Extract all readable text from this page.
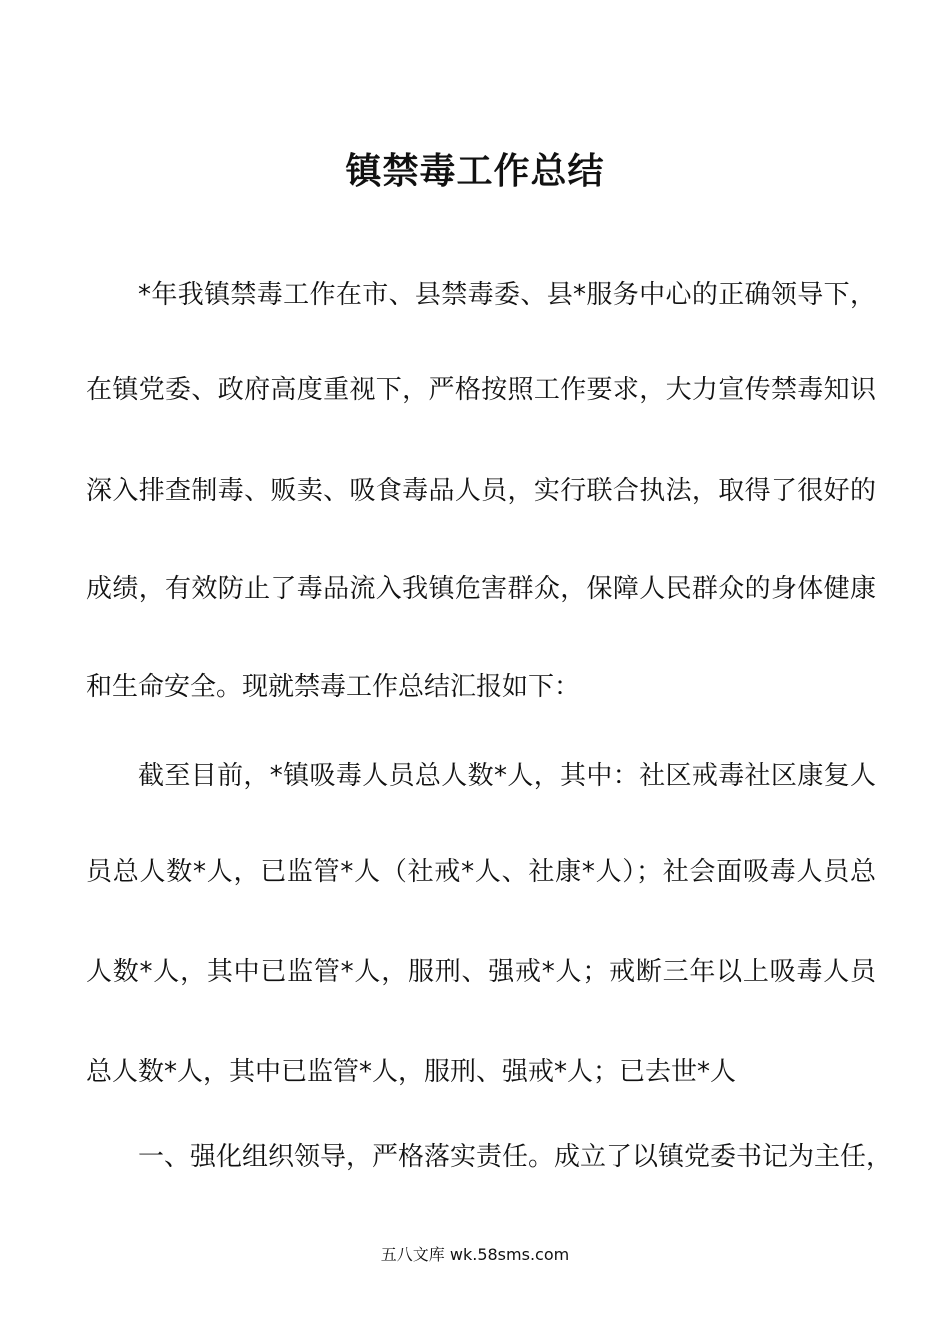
镇禁毒工作总结
*年我镇禁毒工作在市、县禁毒委、县*服务中心的正确领导下，
在镇党委、政府高度重视下，严格按照工作要求，大力宣传禁毒知识
深入排查制毒、贩卖、吸食毒品人员，实行联合执法，取得了很好的
成绩，有效防止了毒品流入我镇危害群众，保障人民群众的身体健康
和生命安全。现就禁毒工作总结汇报如下：
截至目前，*镇吸毒人员总人数*人，其中：社区戒毒社区康复人
员总人数*人，已监管*人（社戒*人、社康*人）；社会面吸毒人员总
人数*人，其中已监管*人，服刑、强戒*人；戒断三年以上吸毒人员
总人数*人，其中已监管*人，服刑、强戒*人；已去世*人
一、强化组织领导，严格落实责任。成立了以镇党委书记为主任，
五八文库 wk.58sms.com
